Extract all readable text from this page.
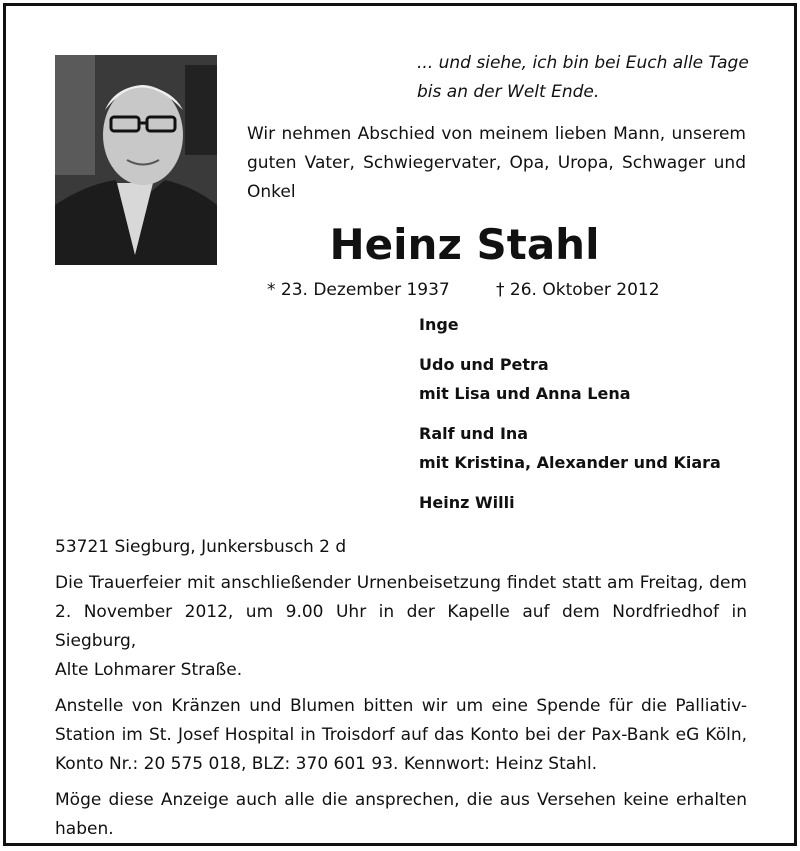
... und siehe, ich bin bei Euch alle Tage
bis an der Welt Ende.
Wir nehmen Abschied von meinem lieben Mann, unserem
guten Vater, Schwiegervater, Opa, Uropa, Schwager und
Onkel
Heinz Stahl
* 23. Dezember 1937	† 26. Oktober 2012
Inge
Udo und Petra
mit Lisa und Anna Lena
Ralf und Ina
mit Kristina, Alexander und Kiara
Heinz Willi
53721 Siegburg, Junkersbusch 2 d
Die Trauerfeier mit anschließender Urnenbeisetzung findet statt am Freitag, dem
2. November 2012, um 9.00 Uhr in der Kapelle auf dem Nordfriedhof in Siegburg,
Alte Lohmarer Straße.
Anstelle von Kränzen und Blumen bitten wir um eine Spende für die Palliativ-
Station im St. Josef Hospital in Troisdorf auf das Konto bei der Pax-Bank eG Köln,
Konto Nr.: 20 575 018, BLZ: 370 601 93. Kennwort: Heinz Stahl.
Möge diese Anzeige auch alle die ansprechen, die aus Versehen keine erhalten
haben.
